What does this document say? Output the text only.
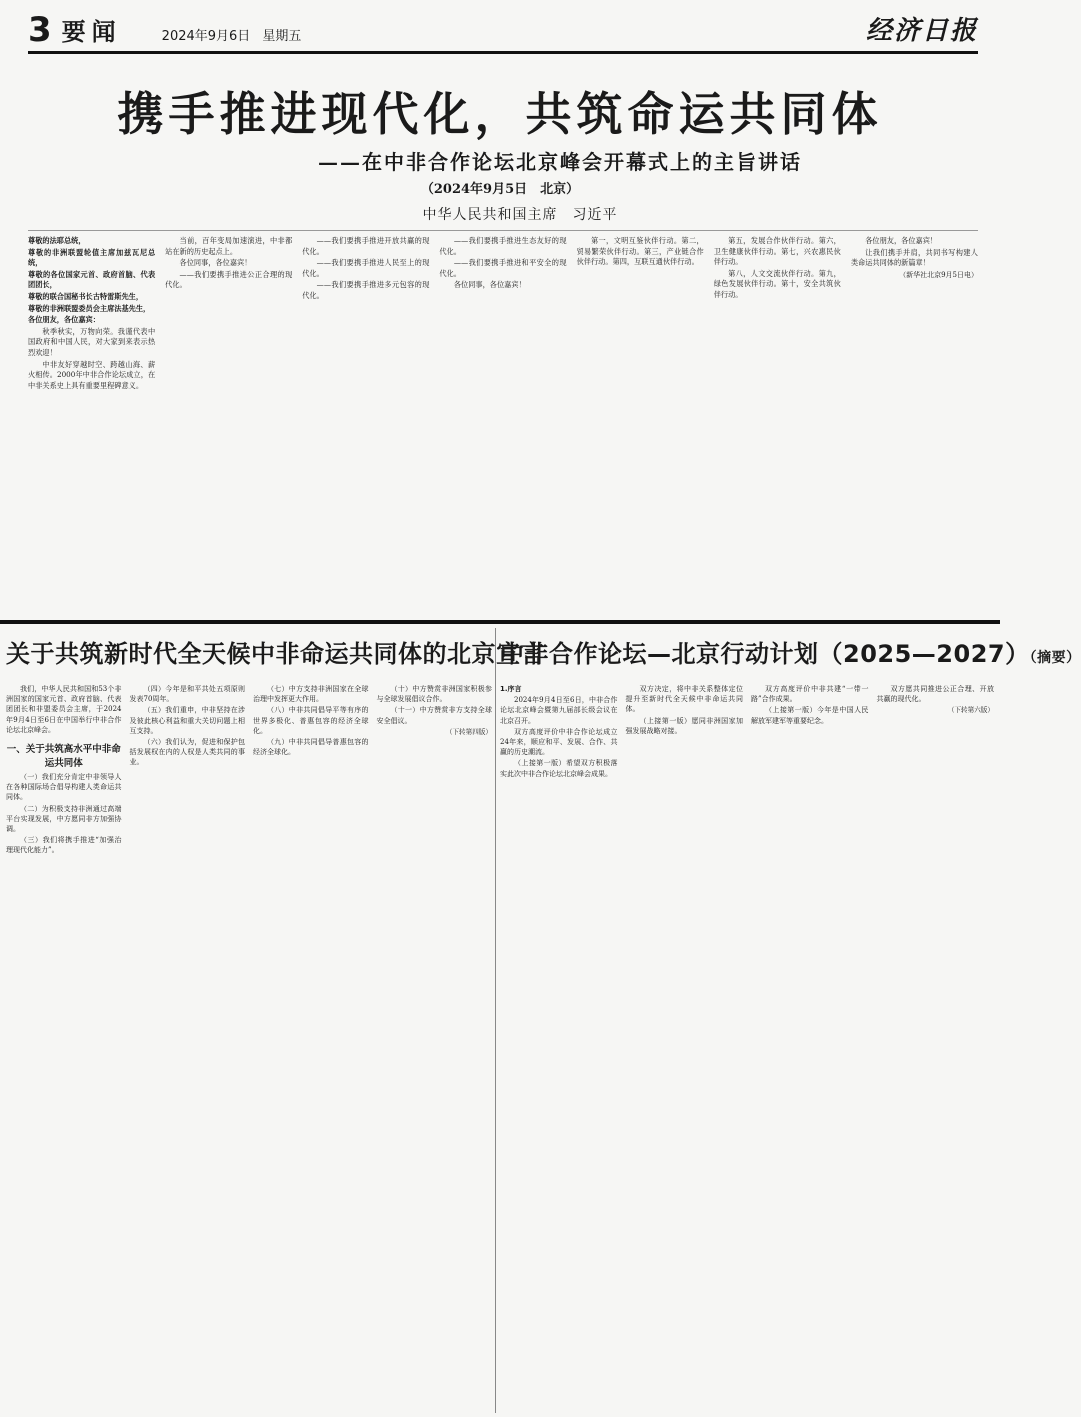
3 要闻	2024年9月6日 星期五	经济日报
携手推进现代化，共筑命运共同体
——在中非合作论坛北京峰会开幕式上的主旨讲话
（2024年9月5日　北京）
中华人民共和国主席　习近平

尊敬的法耶总统，

尊敬的非洲联盟轮值主席加兹瓦尼总统，

尊敬的各位国家元首、政府首脑、代表团团长，

尊敬的联合国秘书长古特雷斯先生，

尊敬的非洲联盟委员会主席法基先生，

各位朋友，各位嘉宾：

秋季秋实，万物向荣。我谨代表中国政府和中国人民，对大家到来表示热烈欢迎！

中非友好穿越时空、跨越山海、薪火相传。2000年中非合作论坛成立，在中非关系史上具有重要里程碑意义。

当前，百年变局加速演进，中非都站在新的历史起点上。

各位同事，各位嘉宾！

——我们要携手推进公正合理的现代化。

——我们要携手推进开放共赢的现代化。

——我们要携手推进人民至上的现代化。

——我们要携手推进多元包容的现代化。

——我们要携手推进生态友好的现代化。

——我们要携手推进和平安全的现代化。

各位同事，各位嘉宾！

第一，文明互鉴伙伴行动。第二，贸易繁荣伙伴行动。第三，产业链合作伙伴行动。第四，互联互通伙伴行动。

第五，发展合作伙伴行动。第六，卫生健康伙伴行动。第七，兴农惠民伙伴行动。

第八，人文交流伙伴行动。第九，绿色发展伙伴行动。第十，安全共筑伙伴行动。

各位朋友，各位嘉宾！

让我们携手并肩，共同书写构建人类命运共同体的新篇章！

（新华社北京9月5日电）

关于共筑新时代全天候中非命运共同体的北京宣言

我们，中华人民共和国和53个非洲国家的国家元首、政府首脑、代表团团长和非盟委员会主席，于2024年9月4日至6日在中国举行中非合作论坛北京峰会。

一、关于共筑高水平中非命运共同体

（一）我们充分肯定中非领导人在各种国际场合倡导构建人类命运共同体。

（二）为积极支持非洲通过高端平台实现发展，中方愿同非方加强协调。

（三）我们将携手推进“加强治理现代化能力”。

（四）今年是和平共处五项原则发表70周年。

（五）我们重申，中非坚持在涉及彼此核心利益和重大关切问题上相互支持。

（六）我们认为，促进和保护包括发展权在内的人权是人类共同的事业。

（七）中方支持非洲国家在全球治理中发挥更大作用。

（八）中非共同倡导平等有序的世界多极化、普惠包容的经济全球化。

（九）中非共同倡导普惠包容的经济全球化。

（十）中方赞赏非洲国家积极参与全球发展倡议合作。

（十一）中方赞赏非方支持全球安全倡议。

（下转第四版）

中非合作论坛—北京行动计划（2025—2027）（摘要）

1.序言

2024年9月4日至6日，中非合作论坛北京峰会暨第九届部长级会议在北京召开。

双方高度评价中非合作论坛成立24年来，顺应和平、发展、合作、共赢的历史潮流。

（上接第一版）希望双方积极落实此次中非合作论坛北京峰会成果。

双方决定，将中非关系整体定位提升至新时代全天候中非命运共同体。

（上接第一版）愿同非洲国家加强发展战略对接。

双方高度评价中非共建“一带一路”合作成果。

（上接第一版）今年是中国人民解放军建军等重要纪念。

双方愿共同推进公正合理、开放共赢的现代化。

（下转第六版）
